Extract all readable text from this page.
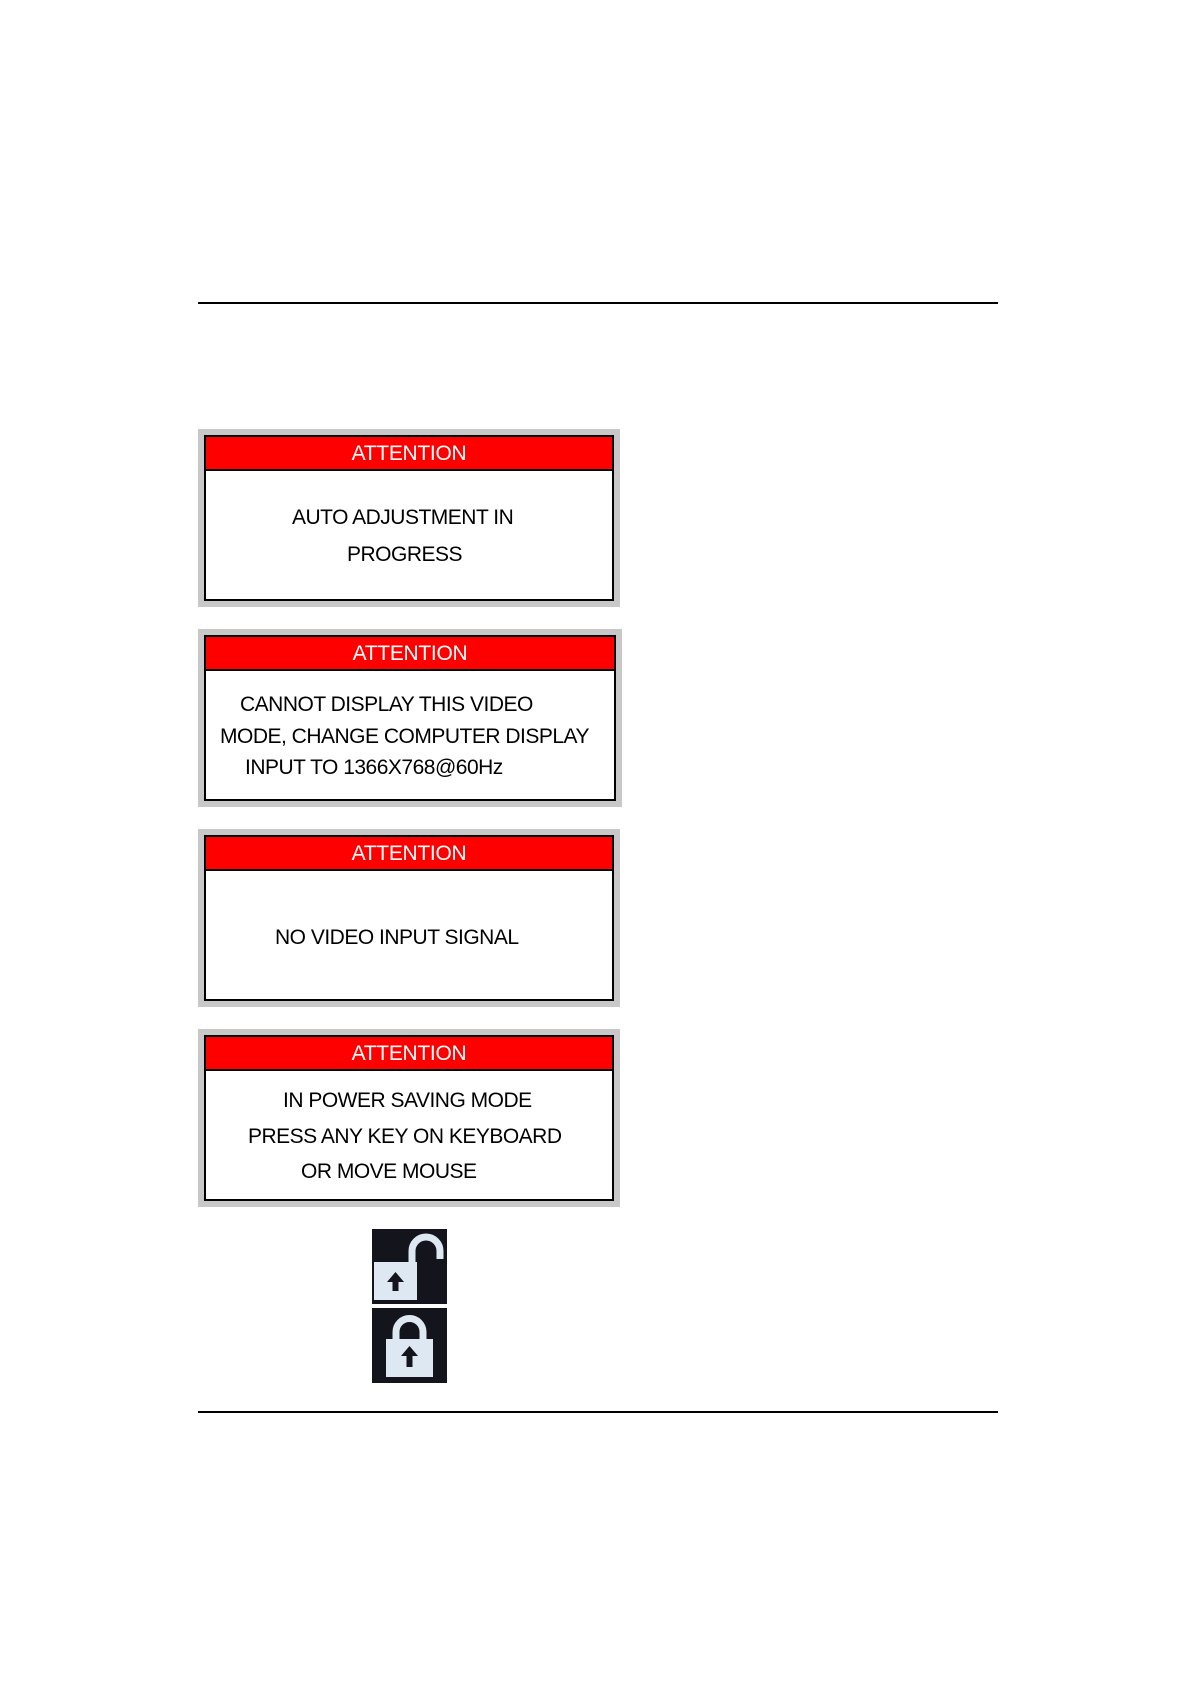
ATTENTION
AUTO ADJUSTMENT IN
PROGRESS
ATTENTION
CANNOT DISPLAY THIS VIDEO
MODE, CHANGE COMPUTER DISPLAY
INPUT TO 1366X768@60Hz
ATTENTION
NO VIDEO INPUT SIGNAL
ATTENTION
IN POWER SAVING MODE
PRESS ANY KEY ON KEYBOARD
OR MOVE MOUSE
